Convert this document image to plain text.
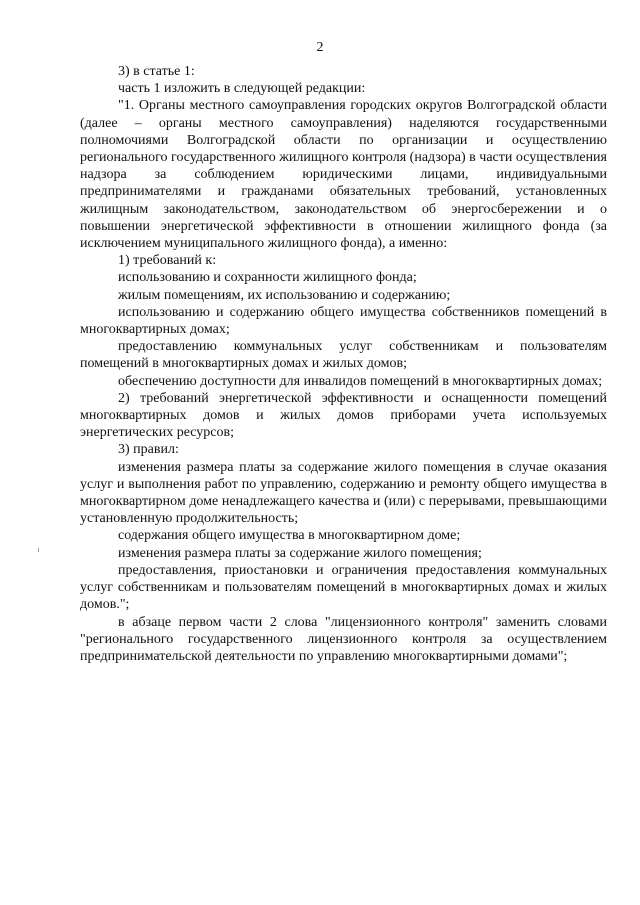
2

3) в статье 1:

часть 1 изложить в следующей редакции:

"1. Органы местного самоуправления городских округов Волгоградской области (далее – органы местного самоуправления) наделяются государственными полномочиями Волгоградской области по организации и осуществлению регионального государственного жилищного контроля (надзора) в части осуществления надзора за соблюдением юридическими лицами, индивидуальными предпринимателями и гражданами обязательных требований, установленных жилищным законодательством, законодательством об энергосбережении и о повышении энергетической эффективности в отношении жилищного фонда (за исключением муниципального жилищного фонда), а именно:

1) требований к:

использованию и сохранности жилищного фонда;

жилым помещениям, их использованию и содержанию;

использованию и содержанию общего имущества собственников помещений в многоквартирных домах;

предоставлению коммунальных услуг собственникам и пользователям помещений в многоквартирных домах и жилых домов;

обеспечению доступности для инвалидов помещений в многоквартирных домах;

2) требований энергетической эффективности и оснащенности помещений многоквартирных домов и жилых домов приборами учета используемых энергетических ресурсов;

3) правил:

изменения размера платы за содержание жилого помещения в случае оказания услуг и выполнения работ по управлению, содержанию и ремонту общего имущества в многоквартирном доме ненадлежащего качества и (или) с перерывами, превышающими установленную продолжительность;

содержания общего имущества в многоквартирном доме;

изменения размера платы за содержание жилого помещения;

предоставления, приостановки и ограничения предоставления коммунальных услуг собственникам и пользователям помещений в многоквартирных домах и жилых домов.";

в абзаце первом части 2 слова "лицензионного контроля" заменить словами "регионального государственного лицензионного контроля за осуществлением предпринимательской деятельности по управлению многоквартирными домами";
